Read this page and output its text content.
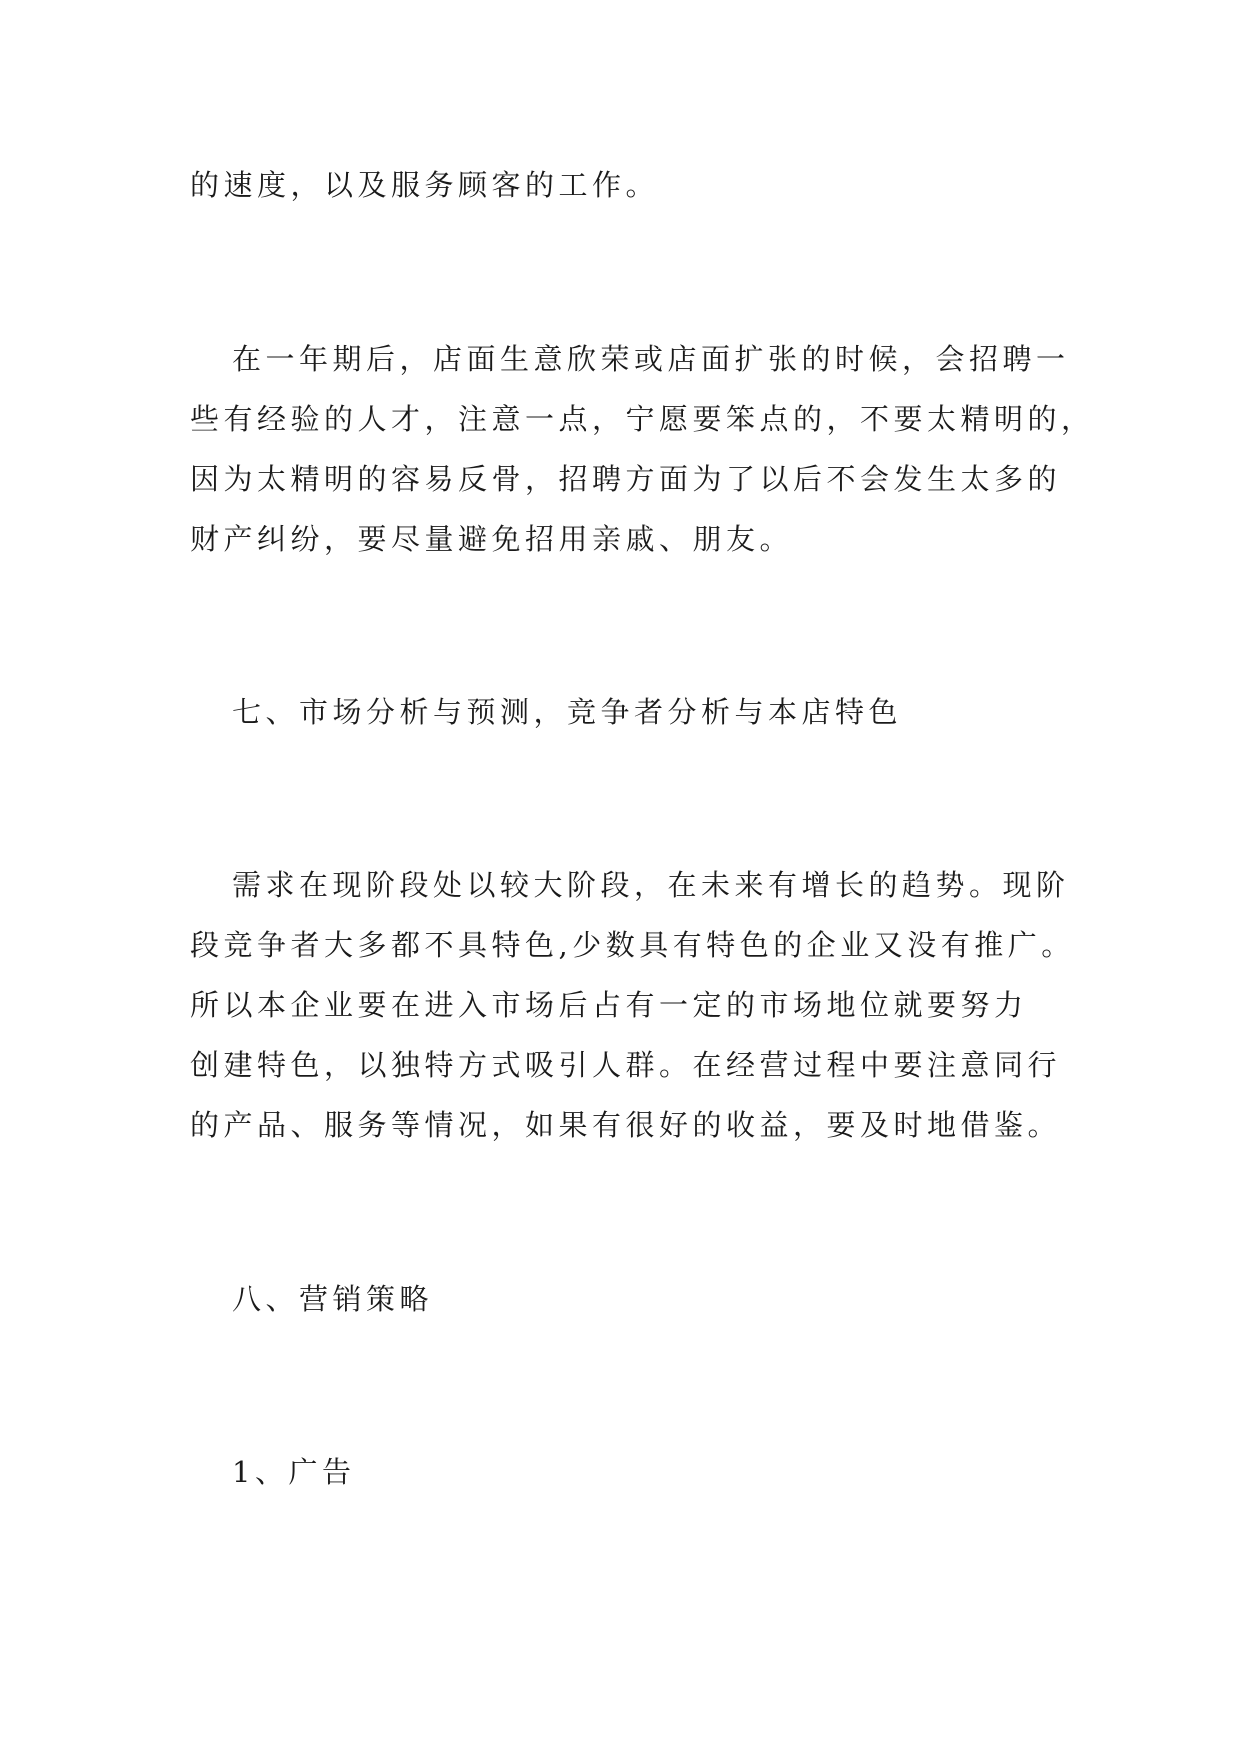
的速度，以及服务顾客的工作。
在一年期后，店面生意欣荣或店面扩张的时候，会招聘一
些有经验的人才，注意一点，宁愿要笨点的，不要太精明的，
因为太精明的容易反骨，招聘方面为了以后不会发生太多的
财产纠纷，要尽量避免招用亲戚、朋友。
七、市场分析与预测，竞争者分析与本店特色
需求在现阶段处以较大阶段，在未来有增长的趋势。现阶
段竞争者大多都不具特色,少数具有特色的企业又没有推广。
所以本企业要在进入市场后占有一定的市场地位就要努力
创建特色，以独特方式吸引人群。在经营过程中要注意同行
的产品、服务等情况，如果有很好的收益，要及时地借鉴。
八、营销策略
1、广告
